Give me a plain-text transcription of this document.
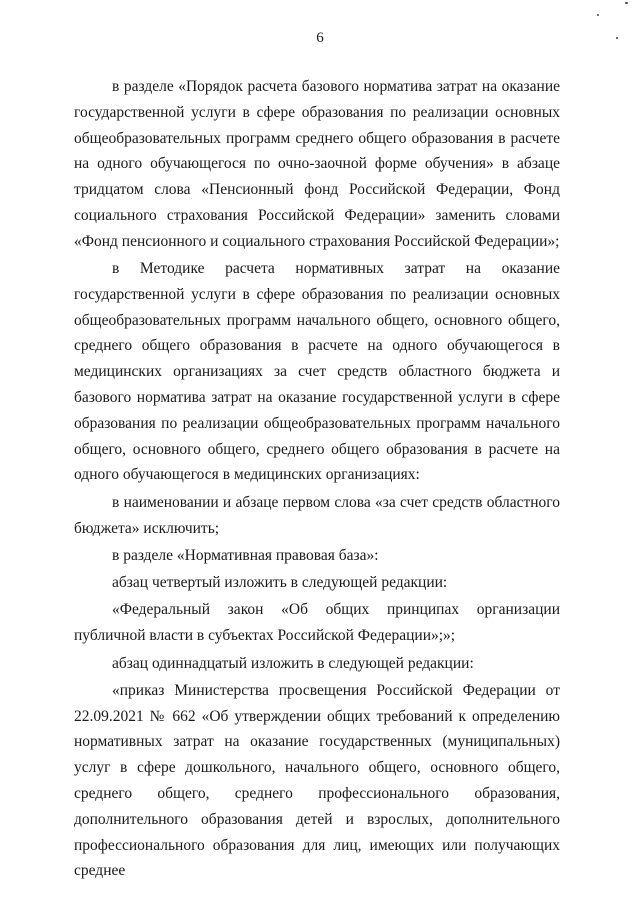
6

в разделе «Порядок расчета базового норматива затрат на оказание государственной услуги в сфере образования по реализации основных общеобразовательных программ среднего общего образования в расчете на одного обучающегося по очно-заочной форме обучения» в абзаце тридцатом слова «Пенсионный фонд Российской Федерации, Фонд социального страхования Российской Федерации» заменить словами «Фонд пенсионного и социального страхования Российской Федерации»;

в Методике расчета нормативных затрат на оказание государственной услуги в сфере образования по реализации основных общеобразовательных программ начального общего, основного общего, среднего общего образования в расчете на одного обучающегося в медицинских организациях за счет средств областного бюджета и базового норматива затрат на оказание государственной услуги в сфере образования по реализации общеобразовательных программ начального общего, основного общего, среднего общего образования в расчете на одного обучающегося в медицинских организациях:

в наименовании и абзаце первом слова «за счет средств областного бюджета» исключить;

в разделе «Нормативная правовая база»:

абзац четвертый изложить в следующей редакции:

«Федеральный закон «Об общих принципах организации публичной власти в субъектах Российской Федерации»;»;

абзац одиннадцатый изложить в следующей редакции:

«приказ Министерства просвещения Российской Федерации от 22.09.2021 № 662 «Об утверждении общих требований к определению нормативных затрат на оказание государственных (муниципальных) услуг в сфере дошкольного, начального общего, основного общего, среднего общего, среднего профессионального образования, дополнительного образования детей и взрослых, дополнительного профессионального образования для лиц, имеющих или получающих среднее
